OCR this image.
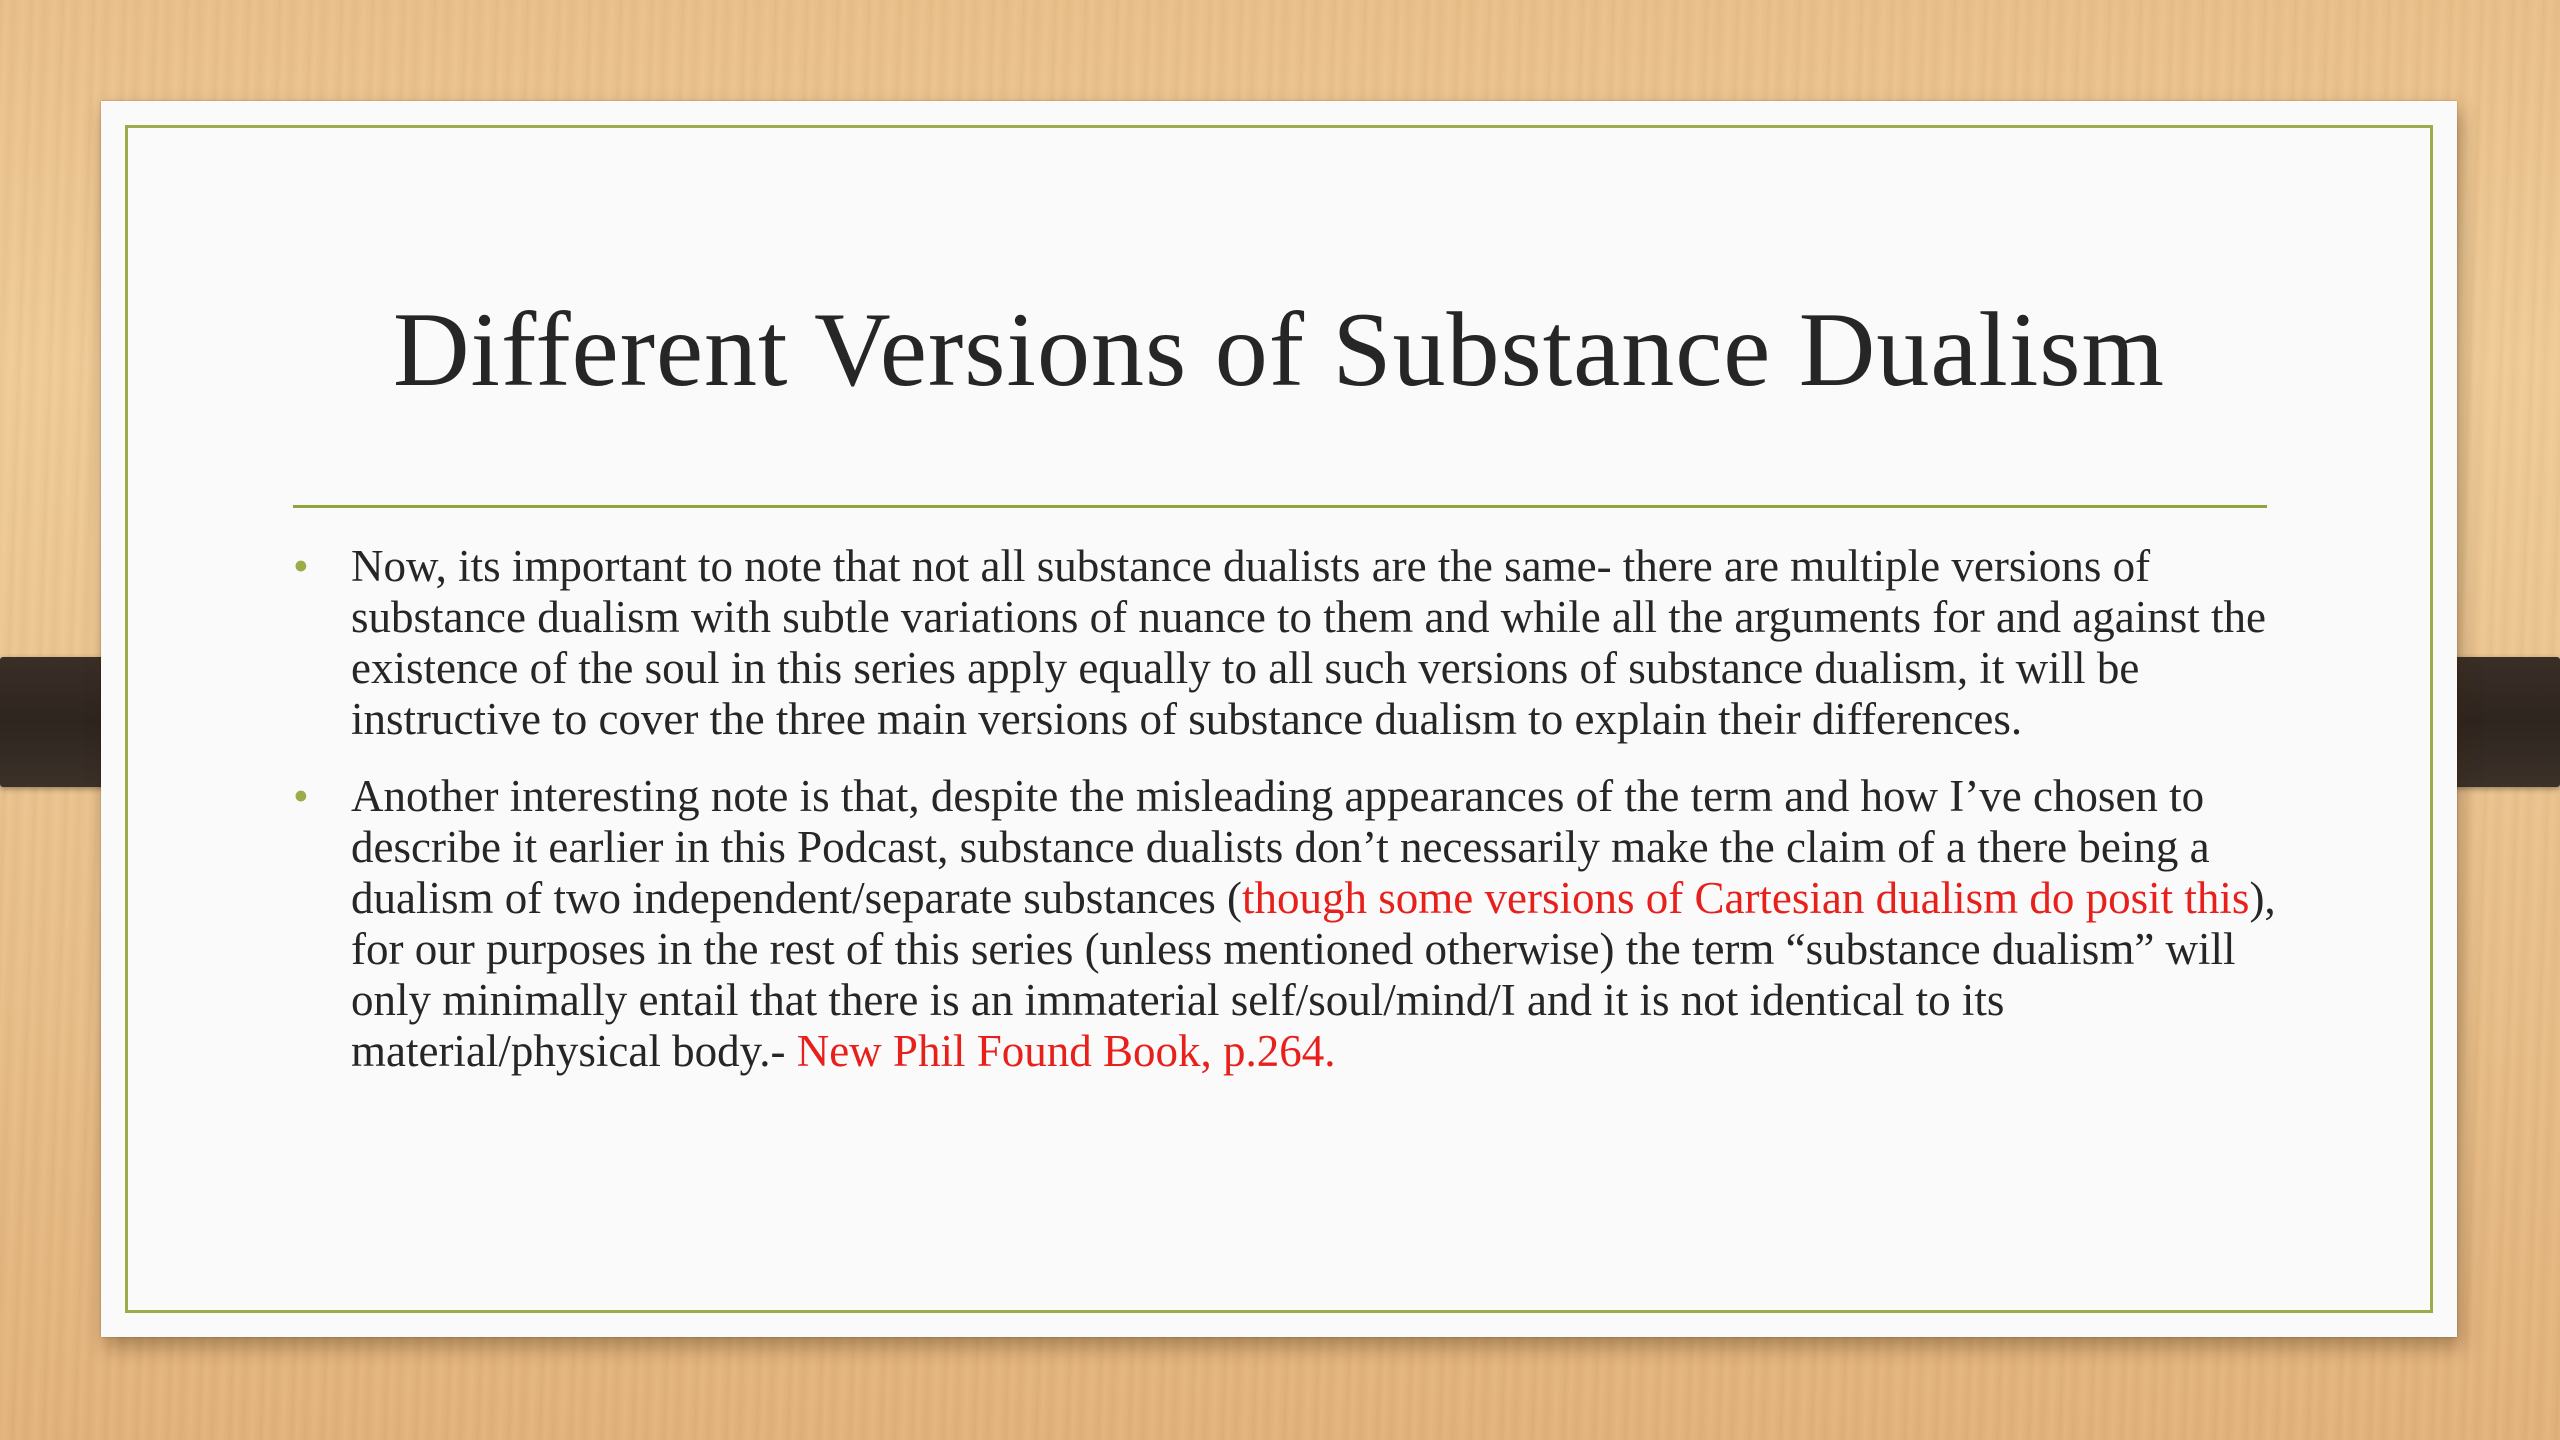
Different Versions of Substance Dualism
• Now, its important to note that not all substance dualists are the same- there are multiple versions of substance dualism with subtle variations of nuance to them and while all the arguments for and against the existence of the soul in this series apply equally to all such versions of substance dualism, it will be instructive to cover the three main versions of substance dualism to explain their differences.
• Another interesting note is that, despite the misleading appearances of the term and how I’ve chosen to describe it earlier in this Podcast, substance dualists don’t necessarily make the claim of a there being a dualism of two independent/separate substances (though some versions of Cartesian dualism do posit this), for our purposes in the rest of this series (unless mentioned otherwise) the term “substance dualism” will only minimally entail that there is an immaterial self/soul/mind/I and it is not identical to its material/physical body.- New Phil Found Book, p.264.
